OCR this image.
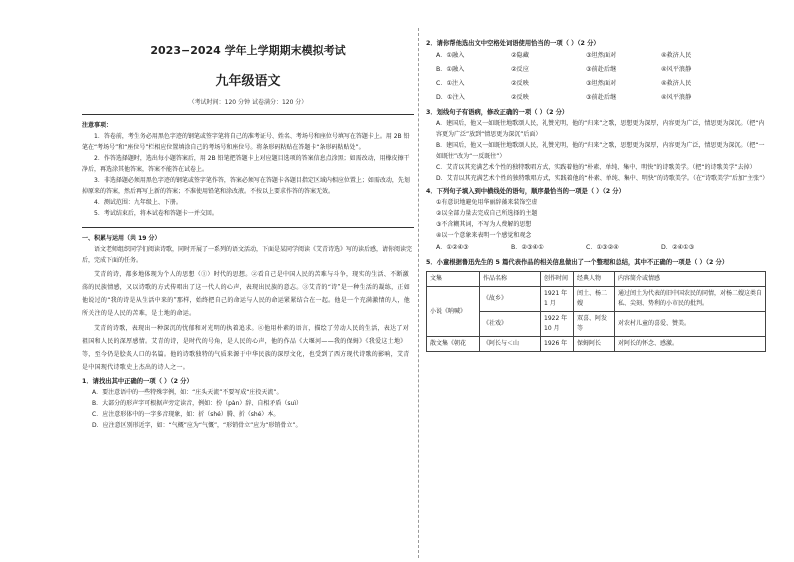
2023−2024 学年上学期期末模拟考试
九年级语文
（考试时间：120 分钟 试卷满分：120 分）
注意事项：

1．答卷前，考生务必用黑色字迹的钢笔或签字笔将自己的准考证号、姓名、考场号和座位号填写在答题卡上。用 2B 铅笔在“考场号”和“座位号”栏相应位置填涂自己的考场号和座位号。将条形码粘贴在答题卡“条形码粘贴处”。

2．作答选择题时，选出每小题答案后，用 2B 铅笔把答题卡上对应题目选项的答案信息点涂黑；如需改动，用橡皮擦干净后，再选涂其他答案，答案不能答在试卷上。

3．非选择题必须用黑色字迹的钢笔或签字笔作答，答案必须写在答题卡各题目指定区域内相应位置上；如需改动，先划掉原来的答案，然后再写上新的答案；不准使用铅笔和涂改液。不按以上要求作答的答案无效。

4．测试范围：九年级上、下册。

5．考试结束后，将本试卷和答题卡一并交回。

一、积累与运用（共 19 分）

语文老师组织同学们阅读诗歌，同时开展了一系列的语文活动，下面是某同学阅读《艾青诗选》写的读后感，请你阅读完后，完成下面的任务。

艾青的诗，都多地体现为个人的思想（①）时代的思想。②看自己是中国人民的苦难与斗争，现实的生活、不断激荡的民族情感，又以诗歌的方式传唱出了这一代人的心声，表现出民族的意志。③艾青的“诗”是一种生活的凝练，正如他说过的“我的诗是从生活中来的”那样，始终把自己的命运与人民的命运紧紧结合在一起。他是一个充满激情的人，他所关注的是人民的苦难，是土地的命运。

艾青的诗歌，表现出一种深沉的忧郁和对光明的执着追求。④他用朴素的语言，描绘了劳动人民的生活，表达了对祖国和人民的深厚感情。艾青的诗，是时代的号角，是人民的心声，他的作品《大堰河——我的保姆》《我爱这土地》等，至今仍是脍炙人口的名篇。他的诗歌独特的气质来源于中华民族的深厚文化，也受到了西方现代诗歌的影响，艾青是中国现代诗歌史上杰出的诗人之一。

1．请找出其中正确的一项（ ）（2 分）

A．要注意语中的一些特殊字例，如：“庄头天流”不要写成“庄投天流”。

B．大部分的形声字可根据声旁定读音，例如：扮（pàn）辞、自相矛盾（suì）

C．应注意形体中的一字多音现象，如：折（shé）腾、折（shé）本。

D．应注意区别形近字，如：“气概”应为“气慨”，“形销骨立”应为“形销骨立”。

2．请你帮他选出文中空格处词语使用恰当的一项（ ）（2 分）
A．①融入	②隐藏	③坦然面对	④救济人民
B．①融入	②反应	③前赴后继	④风平浪静
C．①注入	②反映	③坦然面对	④救济人民
D．①注入	②反映	③前赴后继	④风平浪静
3．划线句子有语病，修改正确的一项（ ）（2 分）

A．建国后，他又一如既往地歌颂人民，礼赞光明，他的“归来”之歌，思想更为深厚，内容更为广泛，情思更为深沉。（把“内容更为广泛”放到“情思更为深沉”后面）

B．建国后，他又一如既往地歌颂人民，礼赞光明，他的“归来”之歌，思想更为深厚，内容更为广泛，情思更为深沉。（把“一如既往”改为“一反既往”）

C．艾青以其充满艺术个性的独特歌唱方式，实践着他的“朴素、单纯、集中、明快”的诗歌美学。（把“的诗歌美学”去掉）

D．艾青以其充满艺术个性的独特歌唱方式，实践着他的“朴素、单纯、集中、明快”的诗歌美学。（在“诗歌美学”后加“主张”）

4．下列句子填入到中横线处的语句，顺序最恰当的一项是（ ）（2 分）

①有意识地避免用华丽辞藻来装饰空虚

②以全部力量去完成自己所选择的主题

③不含糊其词，不写为人费解的思想

④以一个意象来表明一个感觉和观念

A．①②④③	B．②③④①	C．①③②④	D．②④①③
5．小童根据鲁迅先生的 5 篇代表作品的相关信息做出了一个整理和总结，其中不正确的一项是（ ）（2 分）
文集	作品名称	创作时间	经典人物	内容简介或情感
小说《呐喊》	《故乡》	1921 年 1 月	闰土、杨二嫂	通过闰土为代表的旧中国农民的同情，对杨二嫂这类自私、尖刻、势利的小市民的批判。
	《社戏》	1922 年 10 月	双喜、阿发等	对农村儿童的喜爱、赞美。
散文集《朝花	《阿长与＜山	1926 年	保姆阿长	对阿长的怀念、感激。
